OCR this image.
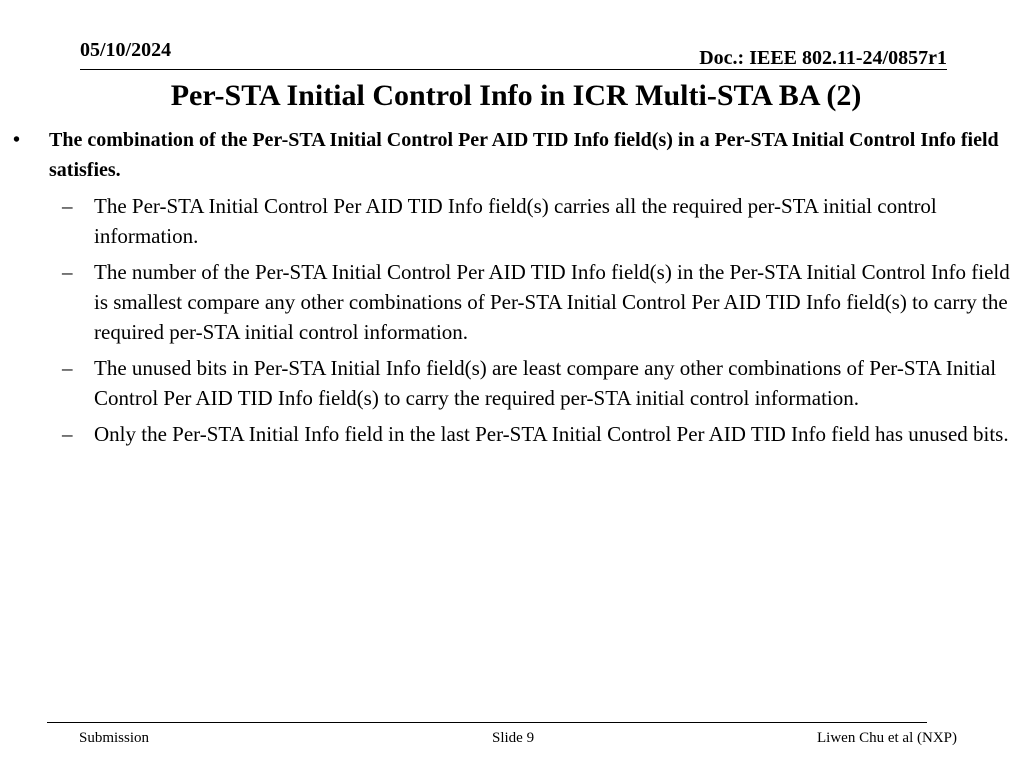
05/10/2024	Doc.: IEEE 802.11-24/0857r1
Per-STA Initial Control Info in ICR Multi-STA BA (2)

• The combination of the Per-STA Initial Control Per AID TID Info field(s) in a Per-STA Initial Control Info field satisfies.

– The Per-STA Initial Control Per AID TID Info field(s) carries all the required per-STA initial control information.

– The number of the Per-STA Initial Control Per AID TID Info field(s) in the Per-STA Initial Control Info field is smallest compare any other combinations of Per-STA Initial Control Per AID TID Info field(s) to carry the required per-STA initial control information.

– The unused bits in Per-STA Initial Info field(s) are least compare any other combinations of Per-STA Initial Control Per AID TID Info field(s) to carry the required per-STA initial control information.

– Only the Per-STA Initial Info field in the last Per-STA Initial Control Per AID TID Info field has unused bits.

Submission	Slide 9	Liwen Chu et al (NXP)
